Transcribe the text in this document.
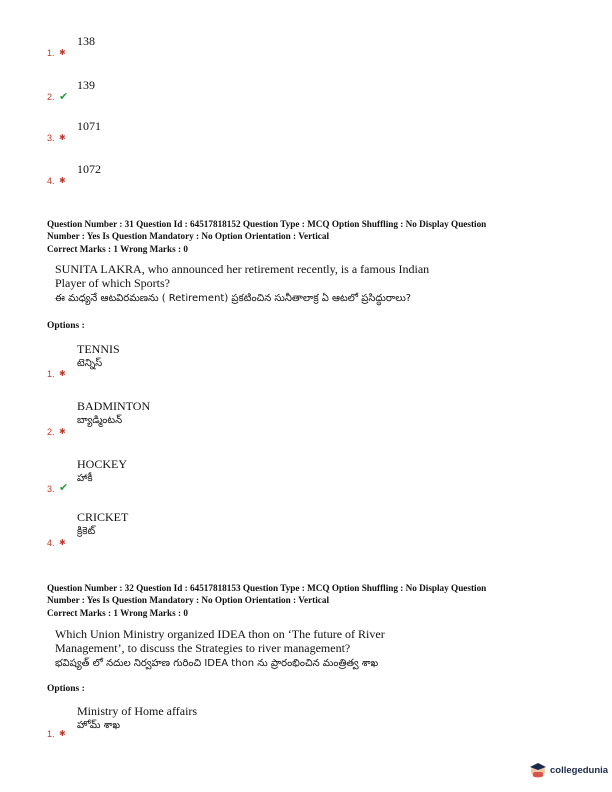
138
1. ✱
139
2. ✔
1071
3. ✱
1072
4. ✱
Question Number : 31 Question Id : 64517818152 Question Type : MCQ Option Shuffling : No Display Question
Number : Yes Is Question Mandatory : No Option Orientation : Vertical
Correct Marks : 1 Wrong Marks : 0
SUNITA LAKRA, who announced her retirement recently, is a famous Indian
Player of which Sports?
ఈ మధ్యనే ఆటవిరమణను ( Retirement) ప్రకటించిన సునీతాలాక్ర ఏ ఆటలో ప్రసిద్ధురాలు?
Options :
TENNIS
టెన్నిస్
1. ✱
BADMINTON
బ్యాడ్మింటన్
2. ✱
HOCKEY
హాకీ
3. ✔
CRICKET
క్రికెట్
4. ✱
Question Number : 32 Question Id : 64517818153 Question Type : MCQ Option Shuffling : No Display Question
Number : Yes Is Question Mandatory : No Option Orientation : Vertical
Correct Marks : 1 Wrong Marks : 0
Which Union Ministry organized IDEA thon on ‘The future of River
Management’, to discuss the Strategies to river management?
భవిష్యత్ లో నదుల నిర్వహణ గురించి IDEA thon ను ప్రారంభించిన మంత్రిత్వ శాఖ
Options :
Ministry of Home affairs
హోమ్ శాఖ
1. ✱
collegedunia
